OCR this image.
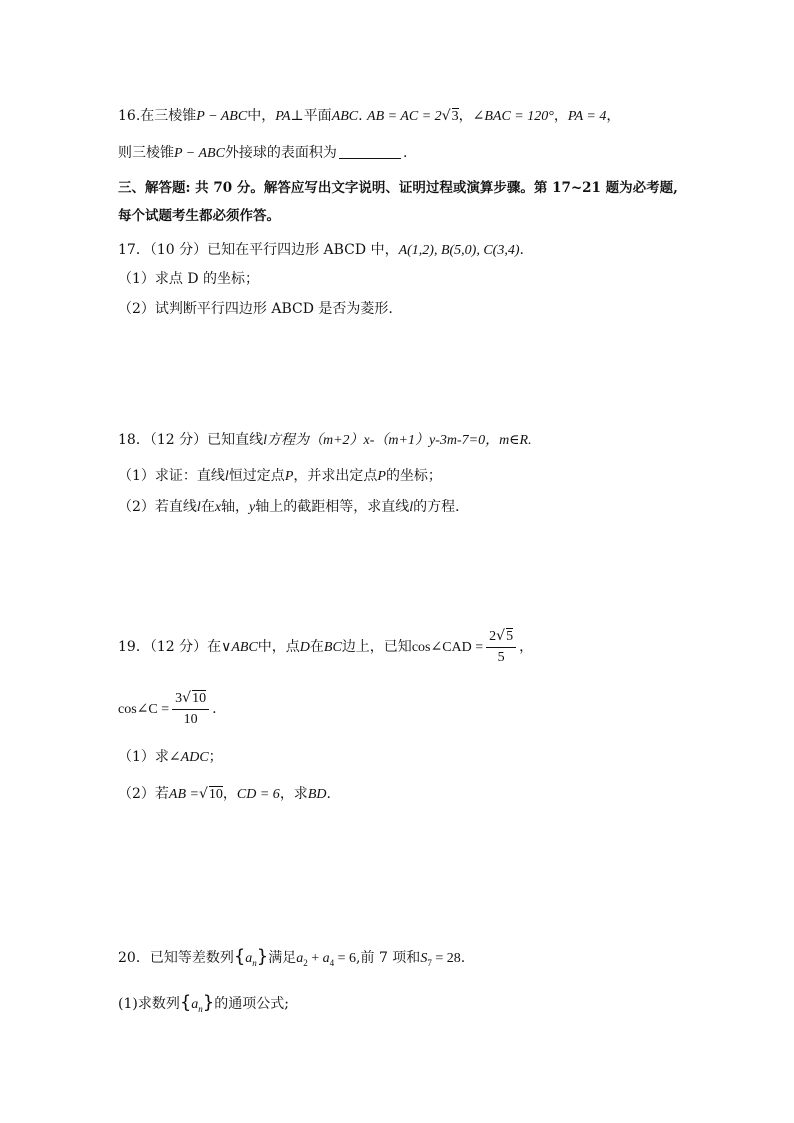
16.在三棱锥P − ABC中，PA⊥平面ABC. AB = AC = 2√3，∠BAC = 120°，PA = 4，
则三棱锥P − ABC外接球的表面积为	.
三、解答题: 共 70 分。解答应写出文字说明、证明过程或演算步骤。第 17~21 题为必考题,
每个试题考生都必须作答。
17．（10 分）已知在平行四边形 ABCD 中，A(1,2), B(5,0), C(3,4).
（1）求点 D 的坐标；
（2）试判断平行四边形 ABCD 是否为菱形.
18．（12 分）已知直线l方程为（m+2）x-（m+1）y-3m-7=0，m∈R.
（1）求证：直线l恒过定点P，并求出定点P的坐标；
（2）若直线l在x轴，y轴上的截距相等，求直线l的方程．
19．（12 分）在∨ABC中，点D在BC边上，已知cos∠CAD = $\frac{2√5}{5}$ ，
cos∠C = $\frac{3√10}{10}$ .
（1）求∠ADC；
（2）若AB =√10，CD = 6，求BD.
20．已知等差数列$\{a_n\}$满足$a_2 + a_4 = 6$,前 7 项和$S_7 = 28$.
(1)求数列$\{a_n\}$的通项公式;
